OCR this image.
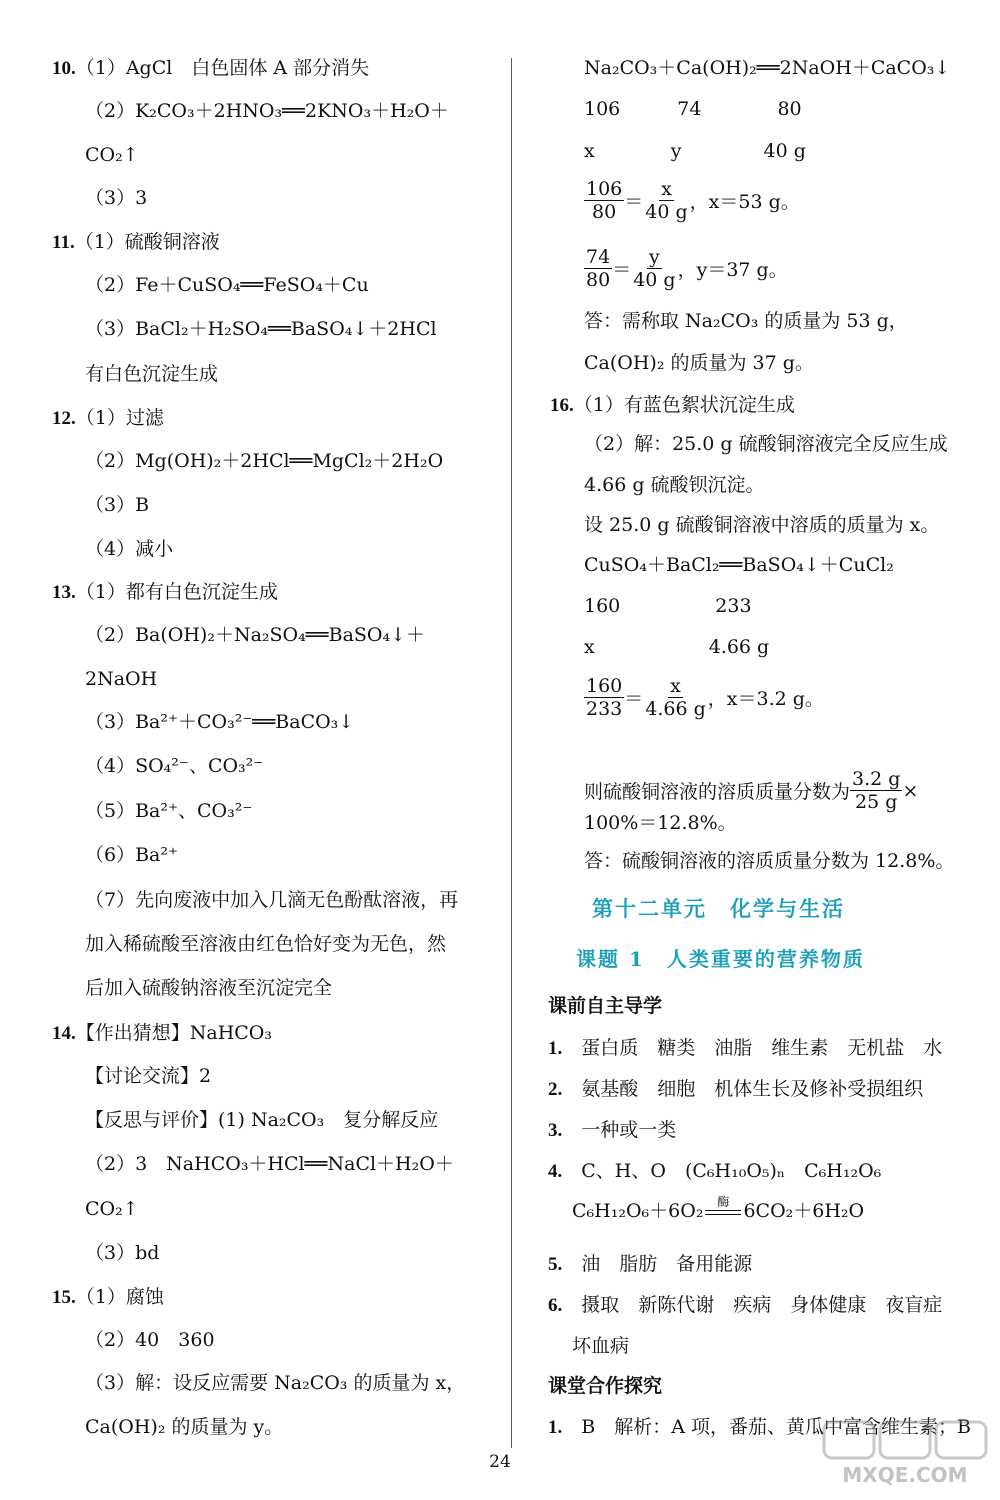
10.（1）AgCl　白色固体 A 部分消失
（2）K₂CO₃＋2HNO₃══2KNO₃＋H₂O＋
CO₂↑
（3）3
11.（1）硫酸铜溶液
（2）Fe＋CuSO₄══FeSO₄＋Cu
（3）BaCl₂＋H₂SO₄══BaSO₄↓＋2HCl
有白色沉淀生成
12.（1）过滤
（2）Mg(OH)₂＋2HCl══MgCl₂＋2H₂O
（3）B
（4）减小
13.（1）都有白色沉淀生成
（2）Ba(OH)₂＋Na₂SO₄══BaSO₄↓＋
2NaOH
（3）Ba²⁺＋CO₃²⁻══BaCO₃↓
（4）SO₄²⁻、CO₃²⁻
（5）Ba²⁺、CO₃²⁻
（6）Ba²⁺
（7）先向废液中加入几滴无色酚酞溶液，再
加入稀硫酸至溶液由红色恰好变为无色，然
后加入硫酸钠溶液至沉淀完全
14.【作出猜想】NaHCO₃
【讨论交流】2
【反思与评价】(1) Na₂CO₃　复分解反应
（2）3　NaHCO₃＋HCl══NaCl＋H₂O＋
CO₂↑
（3）bd
15.（1）腐蚀
（2）40　360
（3）解：设反应需要 Na₂CO₃ 的质量为 x，
Ca(OH)₂ 的质量为 y。
Na₂CO₃＋Ca(OH)₂══2NaOH＋CaCO₃↓
106　　　74　　　　80
x　　　　y　　　　 40 g
$\frac{106}{80} = \frac{x}{40 g}$ ，x＝53 g。
$\frac{74}{80} = \frac{y}{40 g}$ ，y＝37 g。
答：需称取 Na₂CO₃ 的质量为 53 g，
Ca(OH)₂ 的质量为 37 g。
16.（1）有蓝色絮状沉淀生成
（2）解：25.0 g 硫酸铜溶液完全反应生成
4.66 g 硫酸钡沉淀。
设 25.0 g 硫酸铜溶液中溶质的质量为 x。
CuSO₄＋BaCl₂══BaSO₄↓＋CuCl₂
160　　　　　233
x　　　　　　4.66 g
$\frac{160}{233} = \frac{x}{4.66 g}$ ，x＝3.2 g。
则硫酸铜溶液的溶质质量分数为 $\frac{3.2 g}{25 g}$ ×
100%＝12.8%。
答：硫酸铜溶液的溶质质量分数为 12.8%。
第十二单元　化学与生活
课题 1　人类重要的营养物质
课前自主导学
1.　 蛋白质　糖类　油脂　维生素　无机盐　水
2.　 氨基酸　细胞　机体生长及修补受损组织
3.　 一种或一类
4.　 C、H、O　(C₆H₁₀O₅)ₙ　C₆H₁₂O₆
C₆H₁₂O₆＋6O₂ 酶 6CO₂＋6H₂O
5.　 油　脂肪　备用能源
6.　 摄取　新陈代谢　疾病　身体健康　夜盲症
坏血病
课堂合作探究
1.　 B　解析：A 项，番茄、黄瓜中富含维生素；B
24
MXQE.COM
